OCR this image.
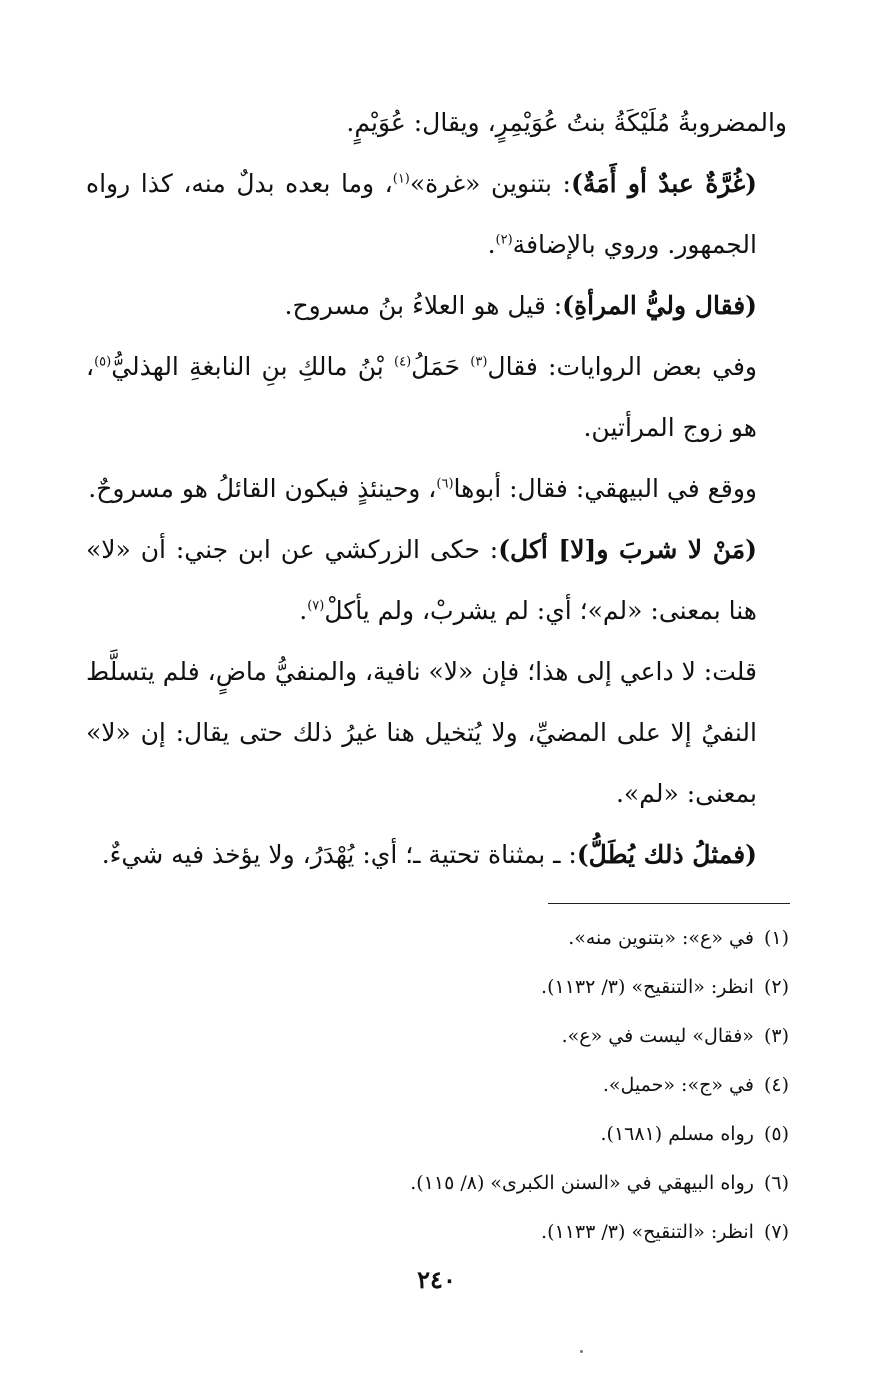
والمضروبةُ مُلَيْكَةُ بنتُ عُوَيْمِرٍ، ويقال: عُوَيْمٍ.

(غُرَّةٌ عبدٌ أو أَمَةٌ): بتنوين «غرة»$^{(١)}$، وما بعده بدلٌ منه، كذا رواه الجمهور. وروي بالإضافة$^{(٢)}$.

(فقال وليُّ المرأةِ): قيل هو العلاءُ بنُ مسروح.

وفي بعض الروايات: فقال$^{(٣)}$ حَمَلُ$^{(٤)}$ بْنُ مالكِ بنِ النابغةِ الهذليُّ$^{(٥)}$، هو زوج المرأتين.

ووقع في البيهقي: فقال: أبوها$^{(٦)}$، وحينئذٍ فيكون القائلُ هو مسروحٌ.

(مَنْ لا شربَ و[لا] أكل): حكى الزركشي عن ابن جني: أن «لا» هنا بمعنى: «لم»؛ أي: لم يشربْ، ولم يأكلْ$^{(٧)}$.

قلت: لا داعي إلى هذا؛ فإن «لا» نافية، والمنفيُّ ماضٍ، فلم يتسلَّط النفيُ إلا على المضيِّ، ولا يُتخيل هنا غيرُ ذلك حتى يقال: إن «لا» بمعنى: «لم».

(فمثلُ ذلك يُطَلُّ): ـ بمثناة تحتية ـ؛ أي: يُهْدَرُ، ولا يؤخذ فيه شيءٌ.

(١)في «ع»: «بتنوين منه».

(٢)انظر: «التنقيح» (٣/ ١١٣٢).

(٣)«فقال» ليست في «ع».

(٤)في «ج»: «حميل».

(٥)رواه مسلم (١٦٨١).

(٦)رواه البيهقي في «السنن الكبرى» (٨/ ١١٥).

(٧)انظر: «التنقيح» (٣/ ١١٣٣).

٢٤٠
